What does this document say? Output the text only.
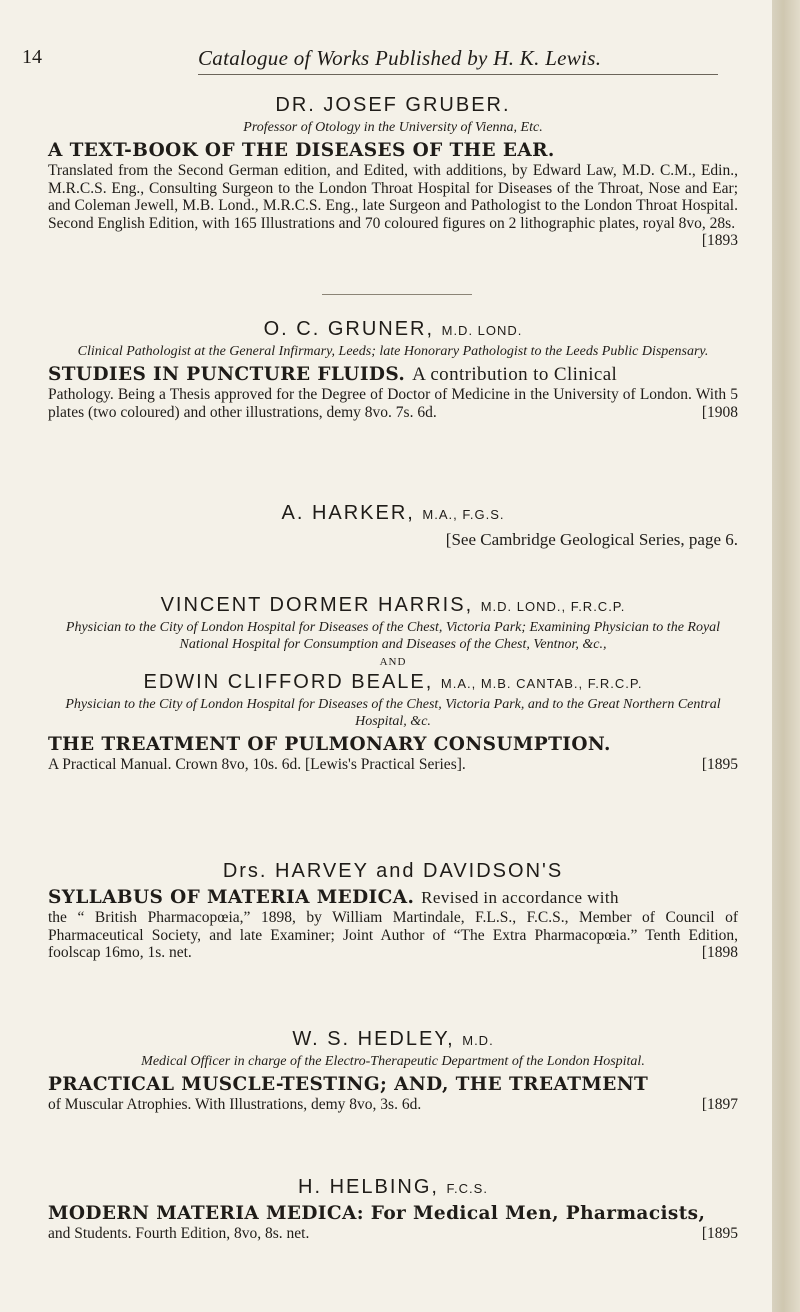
14	Catalogue of Works Published by H. K. Lewis.

DR. JOSEF GRUBER.

Professor of Otology in the University of Vienna, Etc.

A TEXT-BOOK OF THE DISEASES OF THE EAR.

Translated from the Second German edition, and Edited, with additions, by Edward Law, M.D. C.M., Edin., M.R.C.S. Eng., Consulting Surgeon to the London Throat Hospital for Diseases of the Throat, Nose and Ear; and Coleman Jewell, M.B. Lond., M.R.C.S. Eng., late Surgeon and Pathologist to the London Throat Hospital. Second English Edition, with 165 Illustrations and 70 coloured figures on 2 lithographic plates, royal 8vo, 28s.
[1893

O. C. GRUNER, M.D. LOND.

Clinical Pathologist at the General Infirmary, Leeds; late Honorary Pathologist to the Leeds Public Dispensary.

STUDIES IN PUNCTURE FLUIDS. A contribution to Clinical

Pathology. Being a Thesis approved for the Degree of Doctor of Medicine in the University of London. With 5 plates (two coloured) and other illustrations, demy 8vo. 7s. 6d.	[1908

A. HARKER, M.A., F.G.S.

[See Cambridge Geological Series, page 6.

VINCENT DORMER HARRIS, M.D. LOND., F.R.C.P.

Physician to the City of London Hospital for Diseases of the Chest, Victoria Park; Examining Physician to the Royal National Hospital for Consumption and Diseases of the Chest, Ventnor, &c.,

AND

EDWIN CLIFFORD BEALE, M.A., M.B. CANTAB., F.R.C.P.

Physician to the City of London Hospital for Diseases of the Chest, Victoria Park, and to the Great Northern Central Hospital, &c.

THE TREATMENT OF PULMONARY CONSUMPTION.

A Practical Manual. Crown 8vo, 10s. 6d. [Lewis's Practical Series].	[1895

Drs. HARVEY and DAVIDSON'S

SYLLABUS OF MATERIA MEDICA. Revised in accordance with

the “ British Pharmacopœia,” 1898, by William Martindale, F.L.S., F.C.S., Member of Council of Pharmaceutical Society, and late Examiner; Joint Author of “The Extra Pharmacopœia.” Tenth Edition, foolscap 16mo, 1s. net.	[1898

W. S. HEDLEY, M.D.

Medical Officer in charge of the Electro-Therapeutic Department of the London Hospital.

PRACTICAL MUSCLE-TESTING; AND, THE TREATMENT

of Muscular Atrophies. With Illustrations, demy 8vo, 3s. 6d.	[1897

H. HELBING, F.C.S.

MODERN MATERIA MEDICA: For Medical Men, Pharmacists,

and Students. Fourth Edition, 8vo, 8s. net.	[1895
